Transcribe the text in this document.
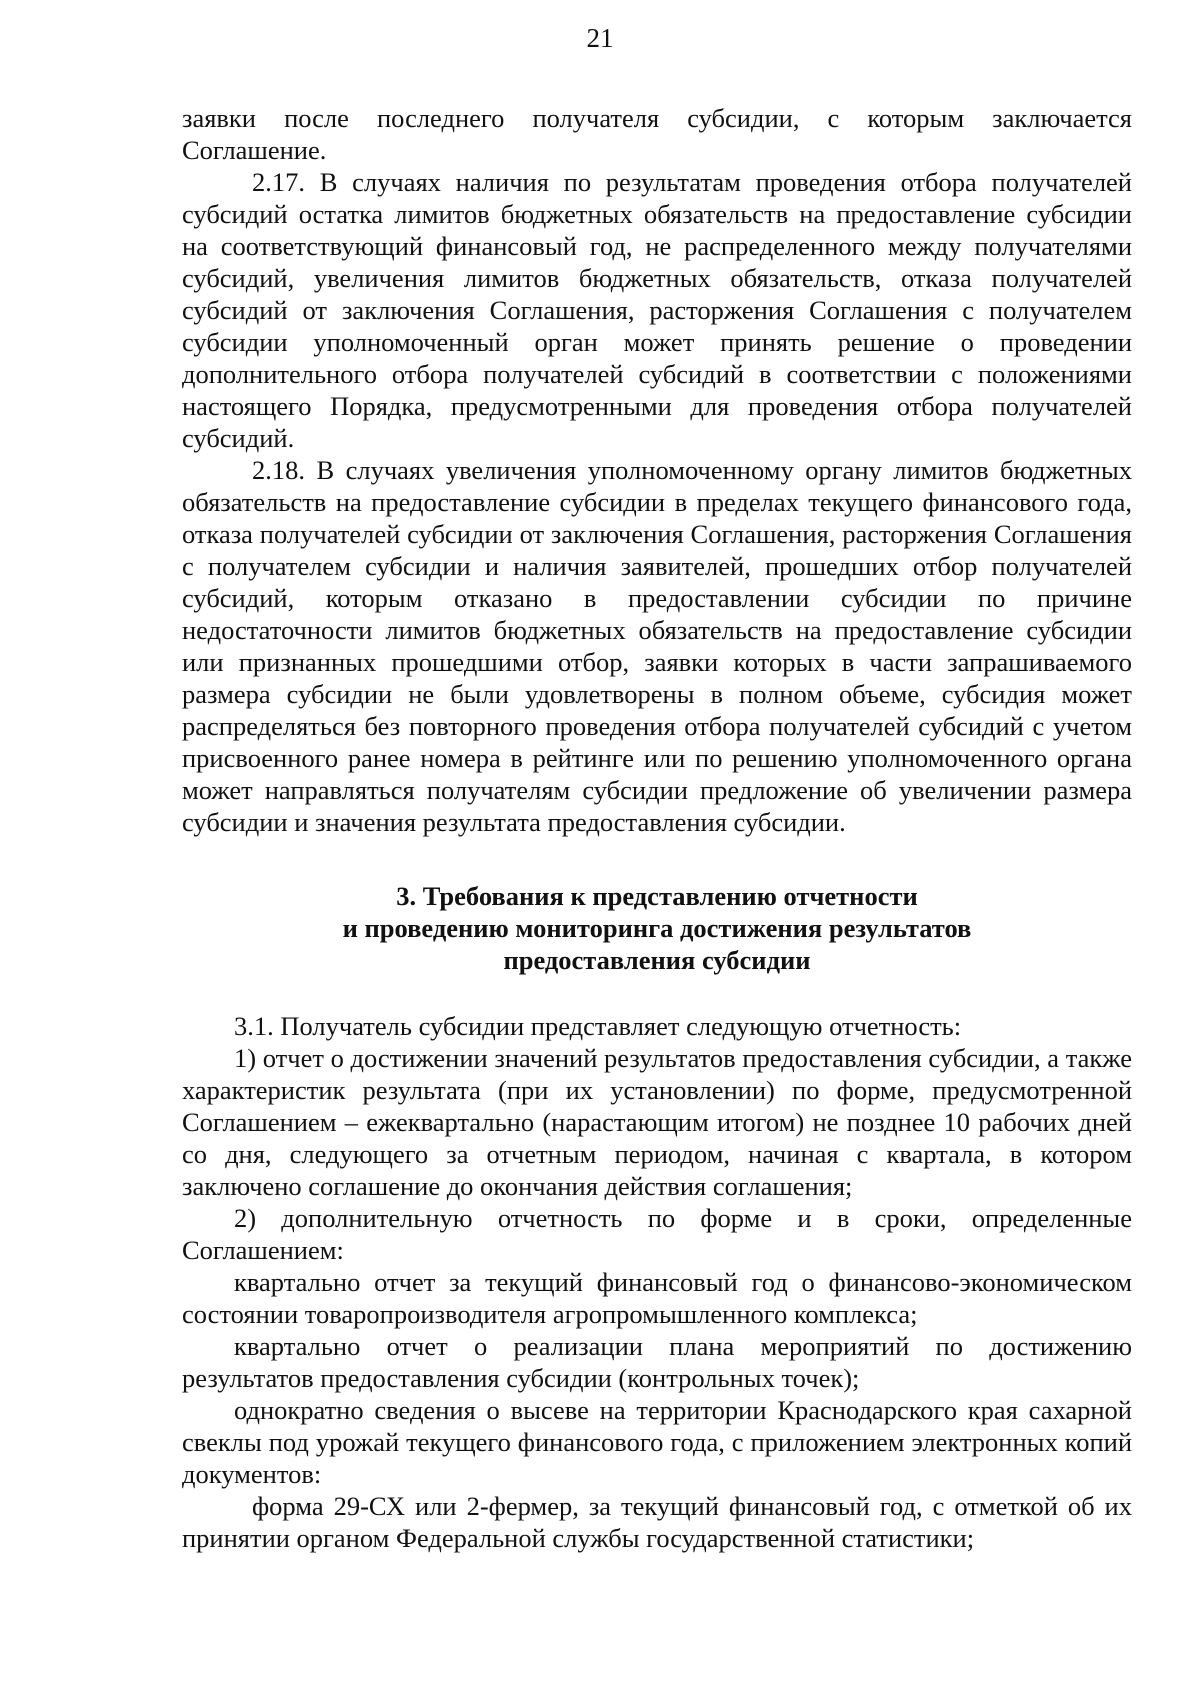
21

заявки после последнего получателя субсидии, с которым заключается Соглашение.

2.17. В случаях наличия по результатам проведения отбора получателей субсидий остатка лимитов бюджетных обязательств на предоставление субсидии на соответствующий финансовый год, не распределенного между получателями субсидий, увеличения лимитов бюджетных обязательств, отказа получателей субсидий от заключения Соглашения, расторжения Соглашения с получателем субсидии уполномоченный орган может принять решение о проведении дополнительного отбора получателей субсидий в соответствии с положениями настоящего Порядка, предусмотренными для проведения отбора получателей субсидий.

2.18. В случаях увеличения уполномоченному органу лимитов бюджетных обязательств на предоставление субсидии в пределах текущего финансового года, отказа получателей субсидии от заключения Соглашения, расторжения Соглашения с получателем субсидии и наличия заявителей, прошедших отбор получателей субсидий, которым отказано в предоставлении субсидии по причине недостаточности лимитов бюджетных обязательств на предоставление субсидии или признанных прошедшими отбор, заявки которых в части запрашиваемого размера субсидии не были удовлетворены в полном объеме, субсидия может распределяться без повторного проведения отбора получателей субсидий с учетом присвоенного ранее номера в рейтинге или по решению уполномоченного органа может направляться получателям субсидии предложение об увеличении размера субсидии и значения результата предоставления субсидии.

3. Требования к представлению отчетности
и проведению мониторинга достижения результатов
предоставления субсидии

3.1. Получатель субсидии представляет следующую отчетность:

1) отчет о достижении значений результатов предоставления субсидии, а также характеристик результата (при их установлении) по форме, предусмотренной Соглашением – ежеквартально (нарастающим итогом) не позднее 10 рабочих дней со дня, следующего за отчетным периодом, начиная с квартала, в котором заключено соглашение до окончания действия соглашения;

2) дополнительную отчетность по форме и в сроки, определенные Соглашением:

квартально отчет за текущий финансовый год о финансово-экономическом состоянии товаропроизводителя агропромышленного комплекса;

квартально отчет о реализации плана мероприятий по достижению результатов предоставления субсидии (контрольных точек);

однократно сведения о высеве на территории Краснодарского края сахарной свеклы под урожай текущего финансового года, с приложением электронных копий документов:

форма 29-СХ или 2-фермер, за текущий финансовый год, с отметкой об их принятии органом Федеральной службы государственной статистики;
